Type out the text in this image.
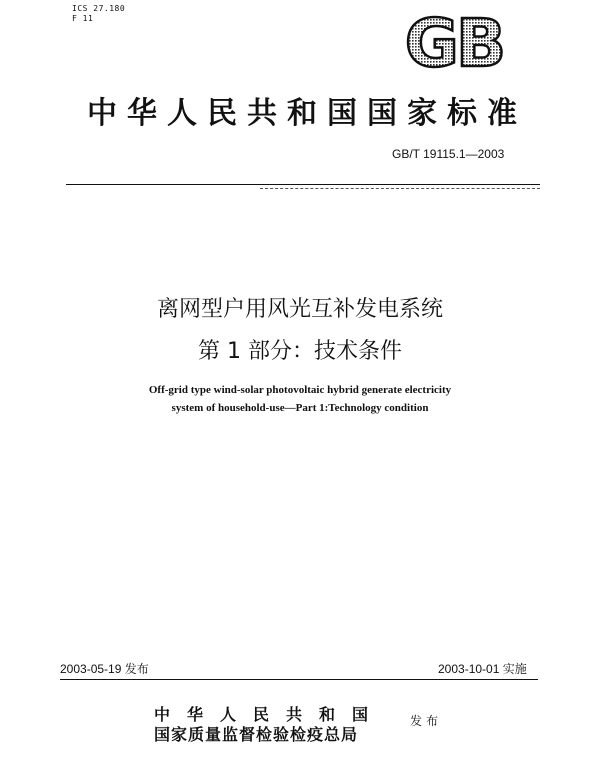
ICS 27.180
F 11	GB
中华人民共和国国家标准
GB/T 19115.1—2003
离网型户用风光互补发电系统
第 1 部分：技术条件
Off-grid type wind-solar photovoltaic hybrid generate electricity
system of household-use—Part 1:Technology condition
2003-05-19 发布	2003-10-01 实施
中华人民共和国
国家质量监督检验检疫总局
发布
